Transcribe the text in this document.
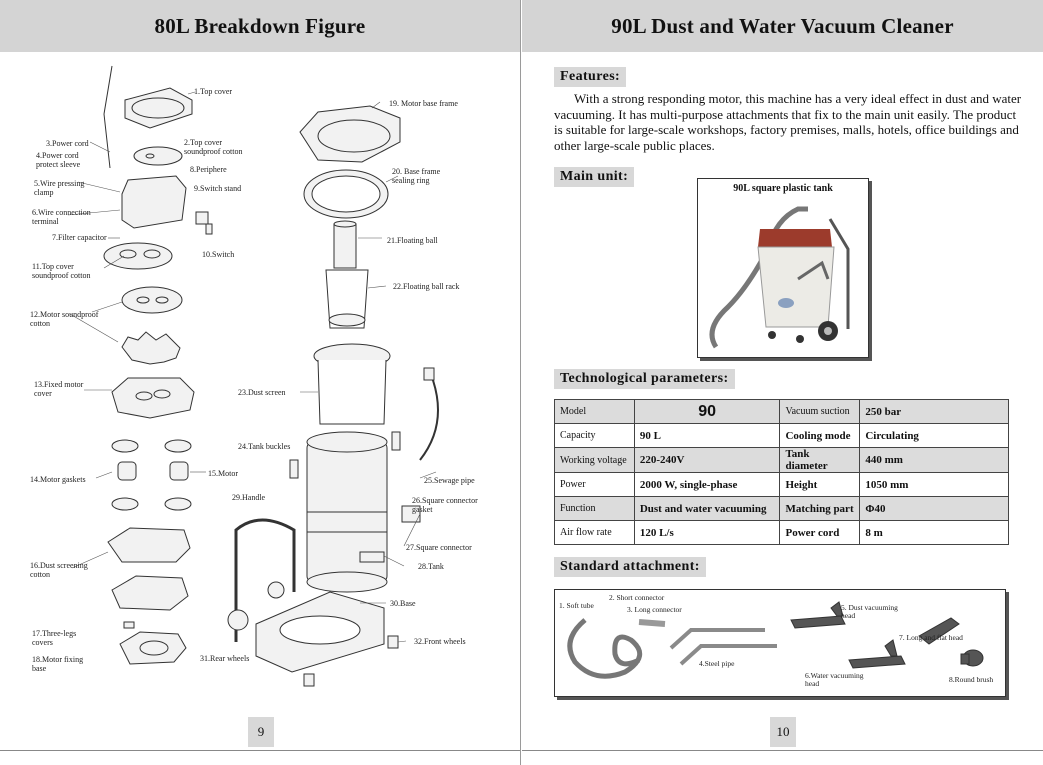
80L Breakdown Figure
1.Top cover
2.Top cover
soundproof cotton
3.Power cord
4.Power cord
protect sleeve
5.Wire pressing
clamp
6.Wire connection
terminal
7.Filter capacitor
8.Periphere
9.Switch stand
10.Switch
11.Top cover
soundproof cotton
12.Motor soundproof
cotton
13.Fixed motor
cover
14.Motor gaskets
15.Motor
16.Dust screening
cotton
17.Three-legs
covers
18.Motor fixing
base
19. Motor base frame
20. Base frame
sealing ring
21.Floating ball
22.Floating ball rack
23.Dust screen
24.Tank buckles
25.Sewage pipe
26.Square connector
gasket
27.Square connector
28.Tank
29.Handle
30.Base
31.Rear wheels
32.Front wheels
9
90L Dust and Water Vacuum Cleaner
Features:

With a strong responding motor, this machine has a very ideal effect in dust and water vacuuming. It has multi-purpose attachments that fix to the main unit easily. The product is suitable for large-scale workshops, factory premises, malls, hotels, office buildings and other large-scale public places.

Main unit:
90L square plastic tank
Technological parameters:
Model	90	Vacuum suction	250 bar
Capacity	90 L	Cooling mode	Circulating
Working voltage	220-240V	Tank diameter	440 mm
Power	2000 W, single-phase	Height	1050 mm
Function	Dust and water vacuuming	Matching part	Φ40
Air flow rate	120 L/s	Power cord	8 m
Standard attachment:
1. Soft tube
2. Short connector
3. Long connector
4.Steel pipe
5. Dust vacuuming
head
6.Water vacuuming
head
7. Long and flat head
8.Round brush
10
